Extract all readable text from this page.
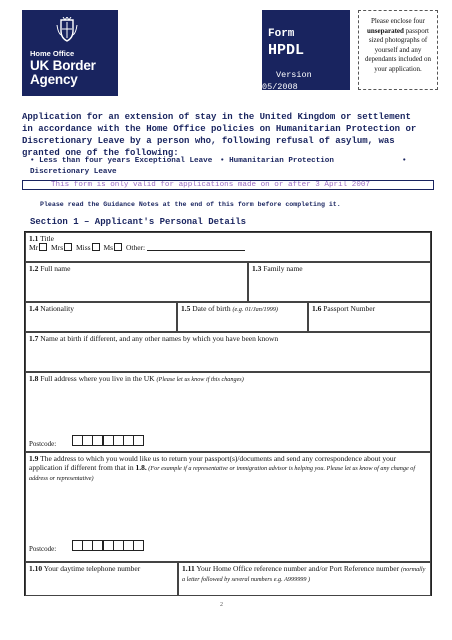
Home Office
UK Border
Agency
Form
HPDL
Version
05/2008
Please enclose four
unseparated passport sized photographs of yourself and any dependants included on your application.
Application for an extension of stay in the United Kingdom or settlement in accordance with the Home Office policies on Humanitarian Protection or Discretionary Leave by a person who, following refusal of asylum, was granted one of the following:
• Less than four years Exceptional Leave • Humanitarian Protection	•
Discretionary Leave
This form is only valid for applications made on or after 3 April 2007
Please read the Guidance Notes at the end of this form before completing it.
Section 1 – Applicant's Personal Details
1.1 Title
Mr Mrs Miss Ms Other:
1.2 Full name	1.3 Family name
1.4 Nationality	1.5 Date of birth (e.g. 01/Jan/1999)	1.6 Passport Number
1.7 Name at birth if different, and any other names by which you have been known
1.8 Full address where you live in the UK (Please let us know if this changes)
Postcode:
1.9 The address to which you would like us to return your passport(s)/documents and send any correspondence about your application if different from that in 1.8. (For example if a representative or immigration advisor is helping you. Please let us know of any change of address or representative)
Postcode:
1.10 Your daytime telephone number	1.11 Your Home Office reference number and/or Port Reference number (normally a letter followed by several numbers e.g. A999999 )
2
